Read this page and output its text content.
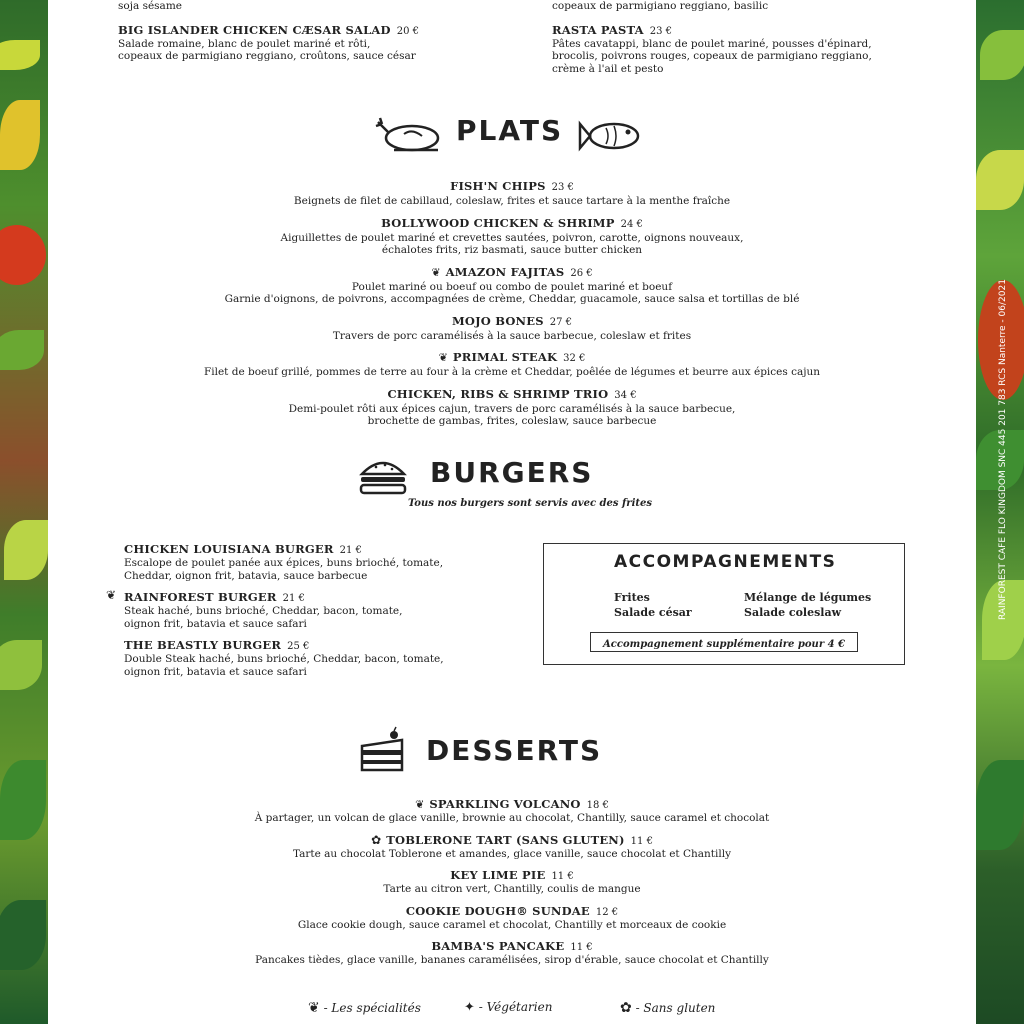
soja sésame
BIG ISLANDER CHICKEN CÆSAR SALAD 20 €
Salade romaine, blanc de poulet mariné et rôti,
copeaux de parmigiano reggiano, croûtons, sauce césar
copeaux de parmigiano reggiano, basilic
RASTA PASTA 23 €
Pâtes cavatappi, blanc de poulet mariné, pousses d'épinard,
brocolis, poivrons rouges, copeaux de parmigiano reggiano,
crème à l'ail et pesto
PLATS
FISH'N CHIPS 23 €
Beignets de filet de cabillaud, coleslaw, frites et sauce tartare à la menthe fraîche
BOLLYWOOD CHICKEN & SHRIMP 24 €
Aiguillettes de poulet mariné et crevettes sautées, poivron, carotte, oignons nouveaux,
échalotes frits, riz basmati, sauce butter chicken
❦ AMAZON FAJITAS 26 €
Poulet mariné ou boeuf ou combo de poulet mariné et boeuf
Garnie d'oignons, de poivrons, accompagnées de crème, Cheddar, guacamole, sauce salsa et tortillas de blé
MOJO BONES 27 €
Travers de porc caramélisés à la sauce barbecue, coleslaw et frites
❦ PRIMAL STEAK 32 €
Filet de boeuf grillé, pommes de terre au four à la crème et Cheddar, poêlée de légumes et beurre aux épices cajun
CHICKEN, RIBS & SHRIMP TRIO 34 €
Demi-poulet rôti aux épices cajun, travers de porc caramélisés à la sauce barbecue,
brochette de gambas, frites, coleslaw, sauce barbecue
BURGERS
Tous nos burgers sont servis avec des frites
CHICKEN LOUISIANA BURGER 21 €
Escalope de poulet panée aux épices, buns brioché, tomate,
Cheddar, oignon frit, batavia, sauce barbecue
❦ RAINFOREST BURGER 21 €
Steak haché, buns brioché, Cheddar, bacon, tomate,
oignon frit, batavia et sauce safari
THE BEASTLY BURGER 25 €
Double Steak haché, buns brioché, Cheddar, bacon, tomate,
oignon frit, batavia et sauce safari
ACCOMPAGNEMENTS
Frites
Salade césar
Mélange de légumes
Salade coleslaw
Accompagnement supplémentaire pour 4 €
DESSERTS
❦ SPARKLING VOLCANO 18 €
À partager, un volcan de glace vanille, brownie au chocolat, Chantilly, sauce caramel et chocolat
✿ TOBLERONE TART (SANS GLUTEN) 11 €
Tarte au chocolat Toblerone et amandes, glace vanille, sauce chocolat et Chantilly
KEY LIME PIE 11 €
Tarte au citron vert, Chantilly, coulis de mangue
COOKIE DOUGH® SUNDAE 12 €
Glace cookie dough, sauce caramel et chocolat, Chantilly et morceaux de cookie
BAMBA'S PANCAKE 11 €
Pancakes tièdes, glace vanille, bananes caramélisées, sirop d'érable, sauce chocolat et Chantilly
❦ - Les spécialités	✦ - Végétarien	✿ - Sans gluten
